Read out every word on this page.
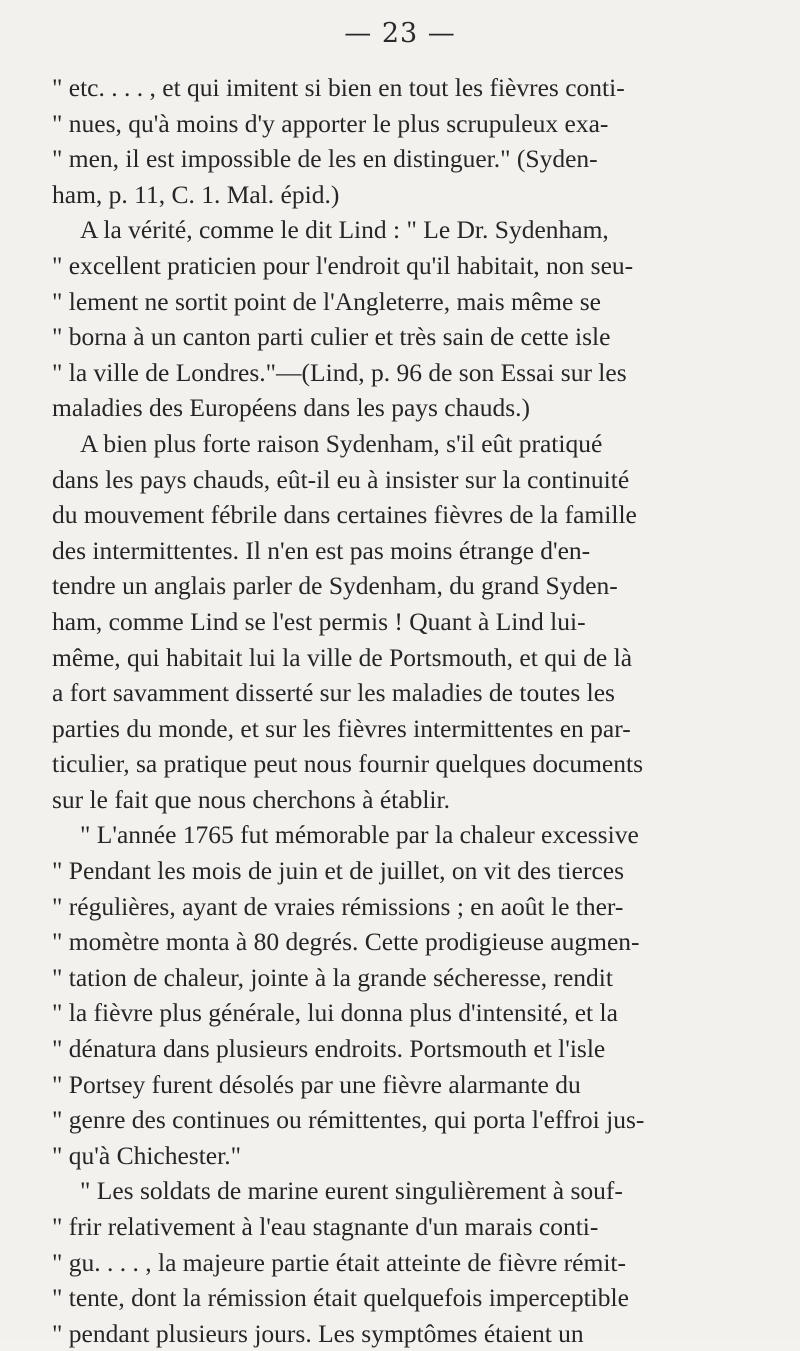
— 23 —
" etc. . . . , et qui imitent si bien en tout les fièvres conti-
" nues, qu'à moins d'y apporter le plus scrupuleux exa-
" men, il est impossible de les en distinguer." (Syden-
ham, p. 11, C. 1. Mal. épid.)
A la vérité, comme le dit Lind : " Le Dr. Sydenham,
" excellent praticien pour l'endroit qu'il habitait, non seu-
" lement ne sortit point de l'Angleterre, mais même se
" borna à un canton parti culier et très sain de cette isle
" la ville de Londres."—(Lind, p. 96 de son Essai sur les
maladies des Européens dans les pays chauds.)
A bien plus forte raison Sydenham, s'il eût pratiqué
dans les pays chauds, eût-il eu à insister sur la continuité
du mouvement fébrile dans certaines fièvres de la famille
des intermittentes. Il n'en est pas moins étrange d'en-
tendre un anglais parler de Sydenham, du grand Syden-
ham, comme Lind se l'est permis ! Quant à Lind lui-
même, qui habitait lui la ville de Portsmouth, et qui de là
a fort savamment disserté sur les maladies de toutes les
parties du monde, et sur les fièvres intermittentes en par-
ticulier, sa pratique peut nous fournir quelques documents
sur le fait que nous cherchons à établir.
" L'année 1765 fut mémorable par la chaleur excessive
" Pendant les mois de juin et de juillet, on vit des tierces
" régulières, ayant de vraies rémissions ; en août le ther-
" momètre monta à 80 degrés. Cette prodigieuse augmen-
" tation de chaleur, jointe à la grande sécheresse, rendit
" la fièvre plus générale, lui donna plus d'intensité, et la
" dénatura dans plusieurs endroits. Portsmouth et l'isle
" Portsey furent désolés par une fièvre alarmante du
" genre des continues ou rémittentes, qui porta l'effroi jus-
" qu'à Chichester."
" Les soldats de marine eurent singulièrement à souf-
" frir relativement à l'eau stagnante d'un marais conti-
" gu. . . . , la majeure partie était atteinte de fièvre rémit-
" tente, dont la rémission était quelquefois imperceptible
" pendant plusieurs jours. Les symptômes étaient un
